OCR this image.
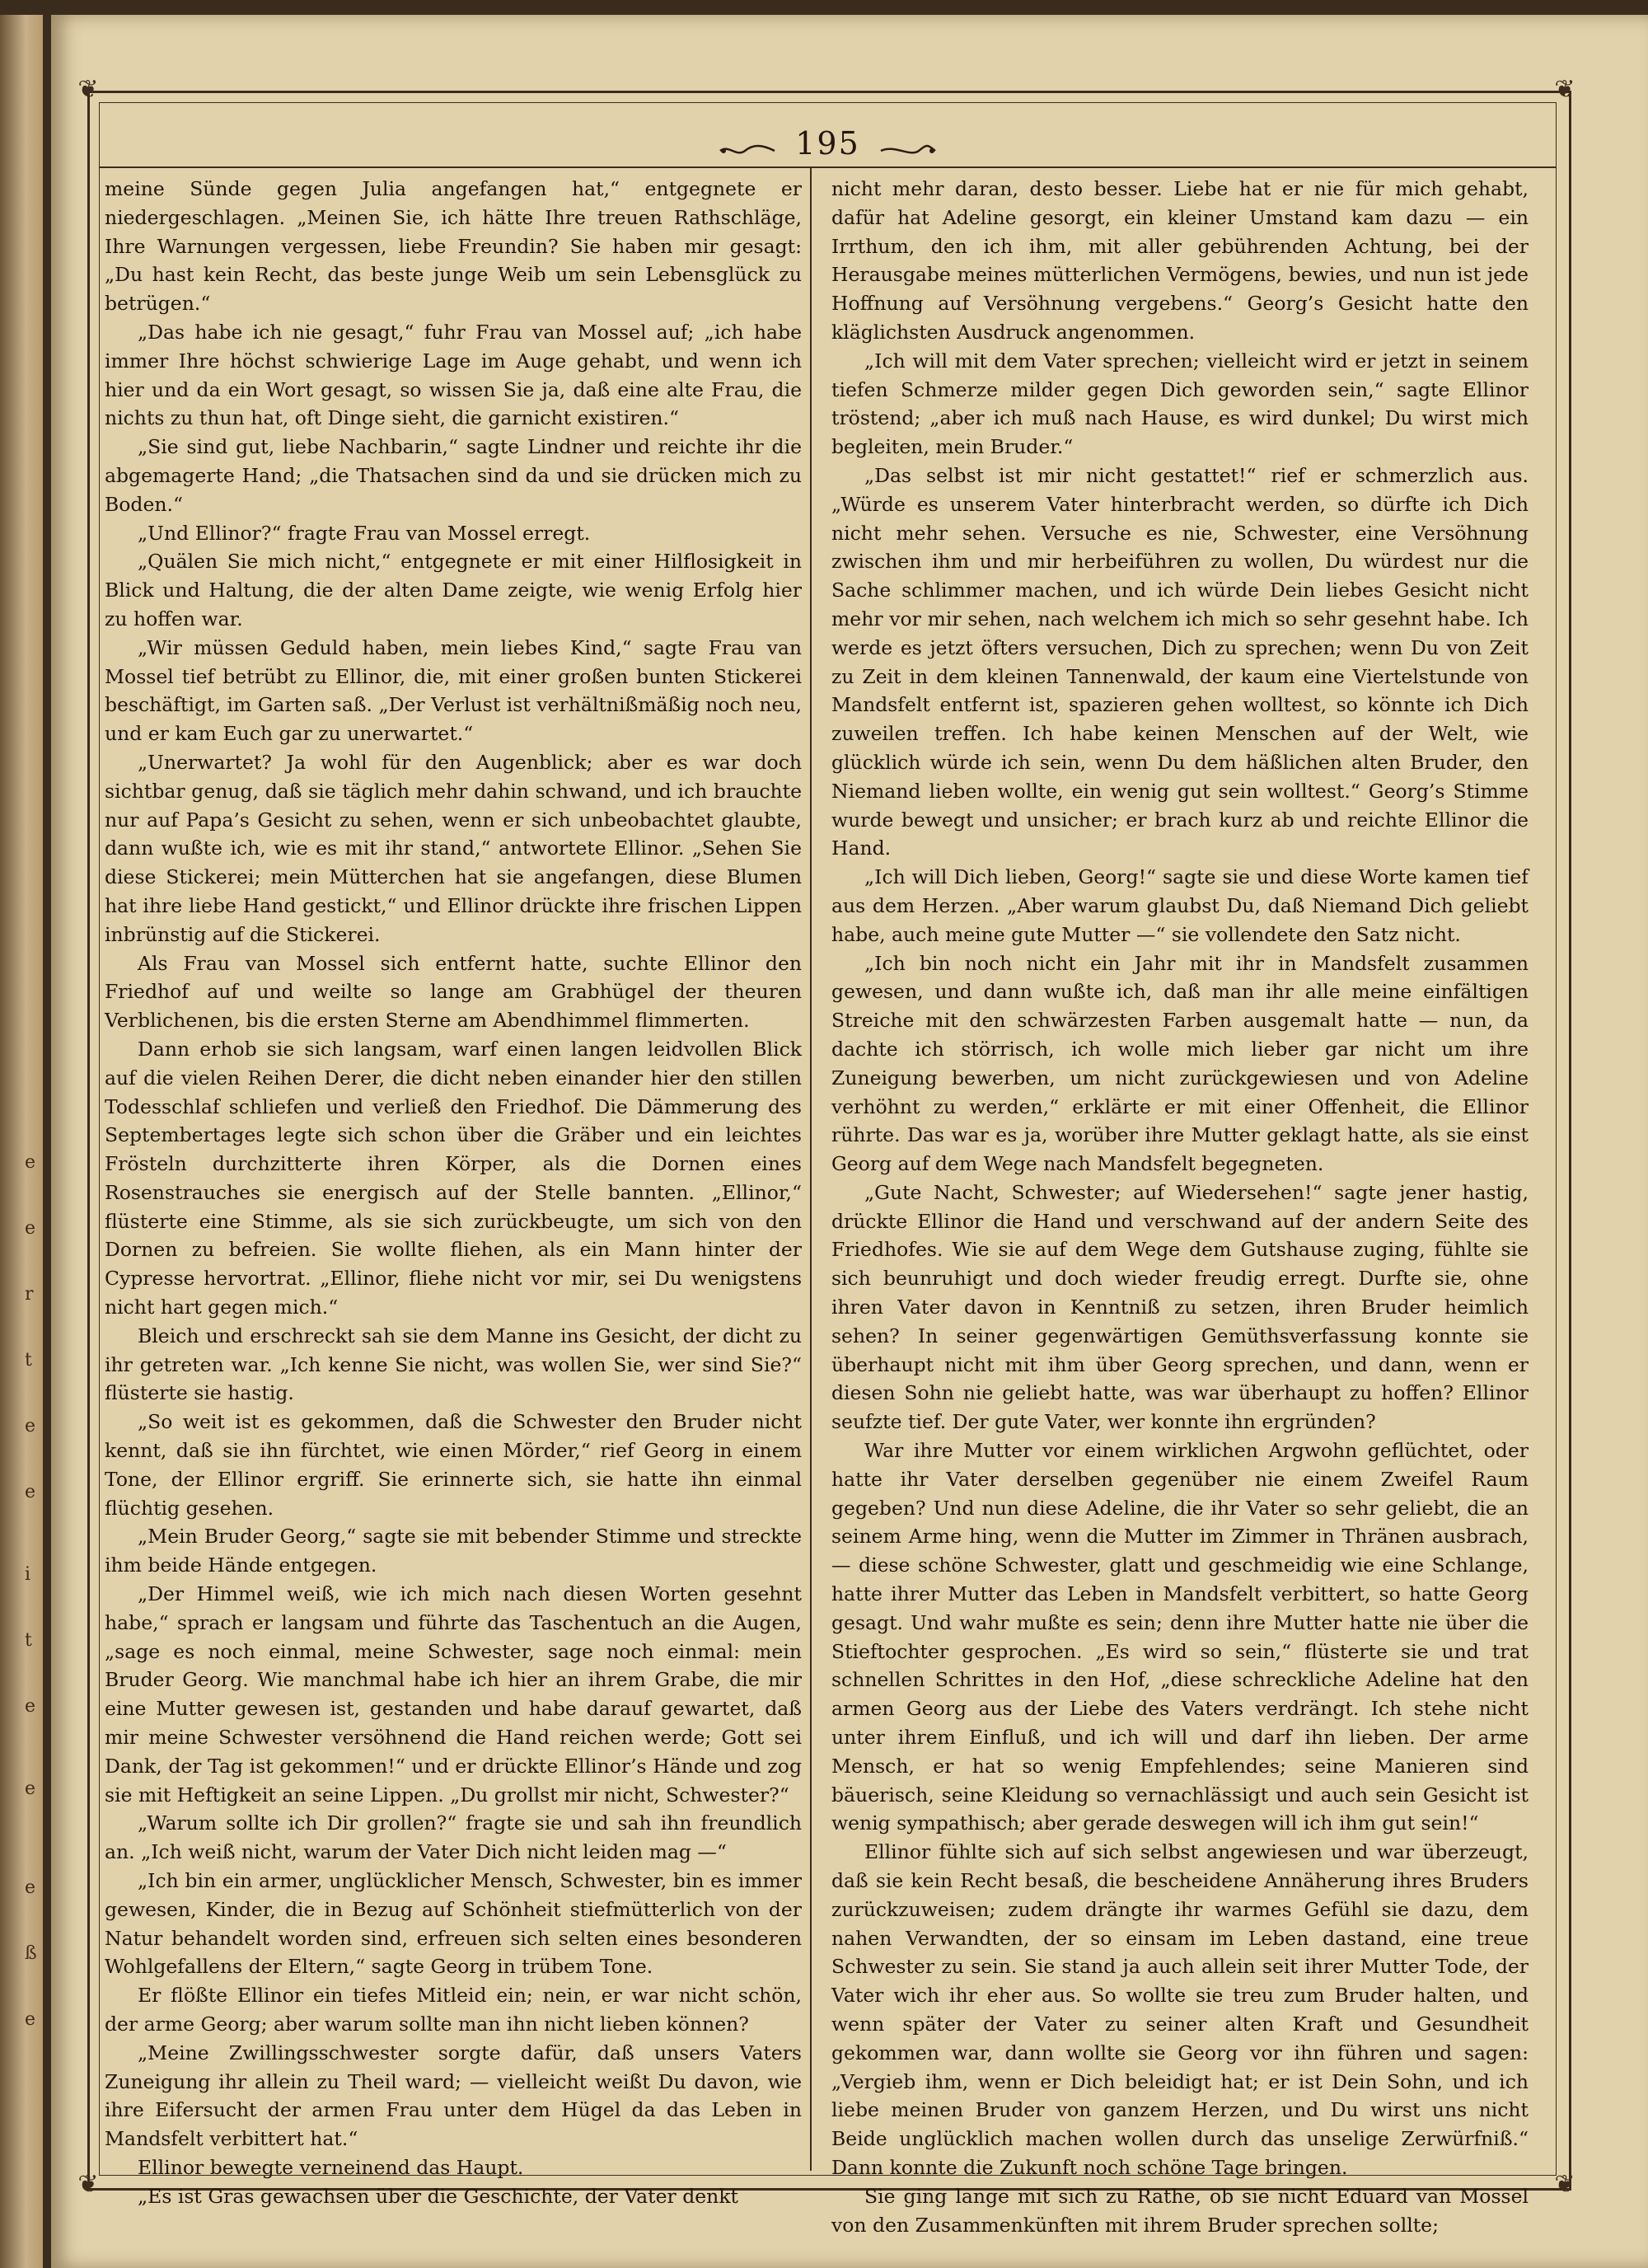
e
e
r
t
e
e
i
t
e
e
e
ß
e
❦	❦
❦	❦
195

meine Sünde gegen Julia angefangen hat,“ entgegnete er niedergeschlagen. „Meinen Sie, ich hätte Ihre treuen Rathschläge, Ihre Warnungen vergessen, liebe Freundin? Sie haben mir gesagt: „Du hast kein Recht, das beste junge Weib um sein Lebensglück zu betrügen.“

„Das habe ich nie gesagt,“ fuhr Frau van Mossel auf; „ich habe immer Ihre höchst schwierige Lage im Auge gehabt, und wenn ich hier und da ein Wort gesagt, so wissen Sie ja, daß eine alte Frau, die nichts zu thun hat, oft Dinge sieht, die garnicht existiren.“

„Sie sind gut, liebe Nachbarin,“ sagte Lindner und reichte ihr die abgemagerte Hand; „die Thatsachen sind da und sie drücken mich zu Boden.“

„Und Ellinor?“ fragte Frau van Mossel erregt.

„Quälen Sie mich nicht,“ entgegnete er mit einer Hilflosigkeit in Blick und Haltung, die der alten Dame zeigte, wie wenig Erfolg hier zu hoffen war.

„Wir müssen Geduld haben, mein liebes Kind,“ sagte Frau van Mossel tief betrübt zu Ellinor, die, mit einer großen bunten Stickerei beschäftigt, im Garten saß. „Der Verlust ist verhältnißmäßig noch neu, und er kam Euch gar zu unerwartet.“

„Unerwartet? Ja wohl für den Augenblick; aber es war doch sichtbar genug, daß sie täglich mehr dahin schwand, und ich brauchte nur auf Papa’s Gesicht zu sehen, wenn er sich unbeobachtet glaubte, dann wußte ich, wie es mit ihr stand,“ antwortete Ellinor. „Sehen Sie diese Stickerei; mein Mütterchen hat sie angefangen, diese Blumen hat ihre liebe Hand gestickt,“ und Ellinor drückte ihre frischen Lippen inbrünstig auf die Stickerei.

Als Frau van Mossel sich entfernt hatte, suchte Ellinor den Friedhof auf und weilte so lange am Grabhügel der theuren Verblichenen, bis die ersten Sterne am Abendhimmel flimmerten.

Dann erhob sie sich langsam, warf einen langen leidvollen Blick auf die vielen Reihen Derer, die dicht neben einander hier den stillen Todesschlaf schliefen und verließ den Friedhof. Die Dämmerung des Septembertages legte sich schon über die Gräber und ein leichtes Frösteln durchzitterte ihren Körper, als die Dornen eines Rosenstrauches sie energisch auf der Stelle bannten. „Ellinor,“ flüsterte eine Stimme, als sie sich zurückbeugte, um sich von den Dornen zu befreien. Sie wollte fliehen, als ein Mann hinter der Cypresse hervortrat. „Ellinor, fliehe nicht vor mir, sei Du wenigstens nicht hart gegen mich.“

Bleich und erschreckt sah sie dem Manne ins Gesicht, der dicht zu ihr getreten war. „Ich kenne Sie nicht, was wollen Sie, wer sind Sie?“ flüsterte sie hastig.

„So weit ist es gekommen, daß die Schwester den Bruder nicht kennt, daß sie ihn fürchtet, wie einen Mörder,“ rief Georg in einem Tone, der Ellinor ergriff. Sie erinnerte sich, sie hatte ihn einmal flüchtig gesehen.

„Mein Bruder Georg,“ sagte sie mit bebender Stimme und streckte ihm beide Hände entgegen.

„Der Himmel weiß, wie ich mich nach diesen Worten gesehnt habe,“ sprach er langsam und führte das Taschentuch an die Augen, „sage es noch einmal, meine Schwester, sage noch einmal: mein Bruder Georg. Wie manchmal habe ich hier an ihrem Grabe, die mir eine Mutter gewesen ist, gestanden und habe darauf gewartet, daß mir meine Schwester versöhnend die Hand reichen werde; Gott sei Dank, der Tag ist gekommen!“ und er drückte Ellinor’s Hände und zog sie mit Heftigkeit an seine Lippen. „Du grollst mir nicht, Schwester?“

„Warum sollte ich Dir grollen?“ fragte sie und sah ihn freundlich an. „Ich weiß nicht, warum der Vater Dich nicht leiden mag —“

„Ich bin ein armer, unglücklicher Mensch, Schwester, bin es immer gewesen, Kinder, die in Bezug auf Schönheit stiefmütterlich von der Natur behandelt worden sind, erfreuen sich selten eines besonderen Wohlgefallens der Eltern,“ sagte Georg in trübem Tone.

Er flößte Ellinor ein tiefes Mitleid ein; nein, er war nicht schön, der arme Georg; aber warum sollte man ihn nicht lieben können?

„Meine Zwillingsschwester sorgte dafür, daß unsers Vaters Zuneigung ihr allein zu Theil ward; — vielleicht weißt Du davon, wie ihre Eifersucht der armen Frau unter dem Hügel da das Leben in Mandsfelt verbittert hat.“

Ellinor bewegte verneinend das Haupt.

„Es ist Gras gewachsen über die Geschichte, der Vater denkt

nicht mehr daran, desto besser. Liebe hat er nie für mich gehabt, dafür hat Adeline gesorgt, ein kleiner Umstand kam dazu — ein Irrthum, den ich ihm, mit aller gebührenden Achtung, bei der Herausgabe meines mütterlichen Vermögens, bewies, und nun ist jede Hoffnung auf Versöhnung vergebens.“ Georg’s Gesicht hatte den kläglichsten Ausdruck angenommen.

„Ich will mit dem Vater sprechen; vielleicht wird er jetzt in seinem tiefen Schmerze milder gegen Dich geworden sein,“ sagte Ellinor tröstend; „aber ich muß nach Hause, es wird dunkel; Du wirst mich begleiten, mein Bruder.“

„Das selbst ist mir nicht gestattet!“ rief er schmerzlich aus. „Würde es unserem Vater hinterbracht werden, so dürfte ich Dich nicht mehr sehen. Versuche es nie, Schwester, eine Versöhnung zwischen ihm und mir herbeiführen zu wollen, Du würdest nur die Sache schlimmer machen, und ich würde Dein liebes Gesicht nicht mehr vor mir sehen, nach welchem ich mich so sehr gesehnt habe. Ich werde es jetzt öfters versuchen, Dich zu sprechen; wenn Du von Zeit zu Zeit in dem kleinen Tannenwald, der kaum eine Viertelstunde von Mandsfelt entfernt ist, spazieren gehen wolltest, so könnte ich Dich zuweilen treffen. Ich habe keinen Menschen auf der Welt, wie glücklich würde ich sein, wenn Du dem häßlichen alten Bruder, den Niemand lieben wollte, ein wenig gut sein wolltest.“ Georg’s Stimme wurde bewegt und unsicher; er brach kurz ab und reichte Ellinor die Hand.

„Ich will Dich lieben, Georg!“ sagte sie und diese Worte kamen tief aus dem Herzen. „Aber warum glaubst Du, daß Niemand Dich geliebt habe, auch meine gute Mutter —“ sie vollendete den Satz nicht.

„Ich bin noch nicht ein Jahr mit ihr in Mandsfelt zusammen gewesen, und dann wußte ich, daß man ihr alle meine einfältigen Streiche mit den schwärzesten Farben ausgemalt hatte — nun, da dachte ich störrisch, ich wolle mich lieber gar nicht um ihre Zuneigung bewerben, um nicht zurückgewiesen und von Adeline verhöhnt zu werden,“ erklärte er mit einer Offenheit, die Ellinor rührte. Das war es ja, worüber ihre Mutter geklagt hatte, als sie einst Georg auf dem Wege nach Mandsfelt begegneten.

„Gute Nacht, Schwester; auf Wiedersehen!“ sagte jener hastig, drückte Ellinor die Hand und verschwand auf der andern Seite des Friedhofes. Wie sie auf dem Wege dem Gutshause zuging, fühlte sie sich beunruhigt und doch wieder freudig erregt. Durfte sie, ohne ihren Vater davon in Kenntniß zu setzen, ihren Bruder heimlich sehen? In seiner gegenwärtigen Gemüthsverfassung konnte sie überhaupt nicht mit ihm über Georg sprechen, und dann, wenn er diesen Sohn nie geliebt hatte, was war überhaupt zu hoffen? Ellinor seufzte tief. Der gute Vater, wer konnte ihn ergründen?

War ihre Mutter vor einem wirklichen Argwohn geflüchtet, oder hatte ihr Vater derselben gegenüber nie einem Zweifel Raum gegeben? Und nun diese Adeline, die ihr Vater so sehr geliebt, die an seinem Arme hing, wenn die Mutter im Zimmer in Thränen ausbrach, — diese schöne Schwester, glatt und geschmeidig wie eine Schlange, hatte ihrer Mutter das Leben in Mandsfelt verbittert, so hatte Georg gesagt. Und wahr mußte es sein; denn ihre Mutter hatte nie über die Stieftochter gesprochen. „Es wird so sein,“ flüsterte sie und trat schnellen Schrittes in den Hof, „diese schreckliche Adeline hat den armen Georg aus der Liebe des Vaters verdrängt. Ich stehe nicht unter ihrem Einfluß, und ich will und darf ihn lieben. Der arme Mensch, er hat so wenig Empfehlendes; seine Manieren sind bäuerisch, seine Kleidung so vernachlässigt und auch sein Gesicht ist wenig sympathisch; aber gerade deswegen will ich ihm gut sein!“

Ellinor fühlte sich auf sich selbst angewiesen und war überzeugt, daß sie kein Recht besaß, die bescheidene Annäherung ihres Bruders zurückzuweisen; zudem drängte ihr warmes Gefühl sie dazu, dem nahen Verwandten, der so einsam im Leben dastand, eine treue Schwester zu sein. Sie stand ja auch allein seit ihrer Mutter Tode, der Vater wich ihr eher aus. So wollte sie treu zum Bruder halten, und wenn später der Vater zu seiner alten Kraft und Gesundheit gekommen war, dann wollte sie Georg vor ihn führen und sagen: „Vergieb ihm, wenn er Dich beleidigt hat; er ist Dein Sohn, und ich liebe meinen Bruder von ganzem Herzen, und Du wirst uns nicht Beide unglücklich machen wollen durch das unselige Zerwürfniß.“ Dann konnte die Zukunft noch schöne Tage bringen.

Sie ging lange mit sich zu Rathe, ob sie nicht Eduard van Mossel von den Zusammenkünften mit ihrem Bruder sprechen sollte;
